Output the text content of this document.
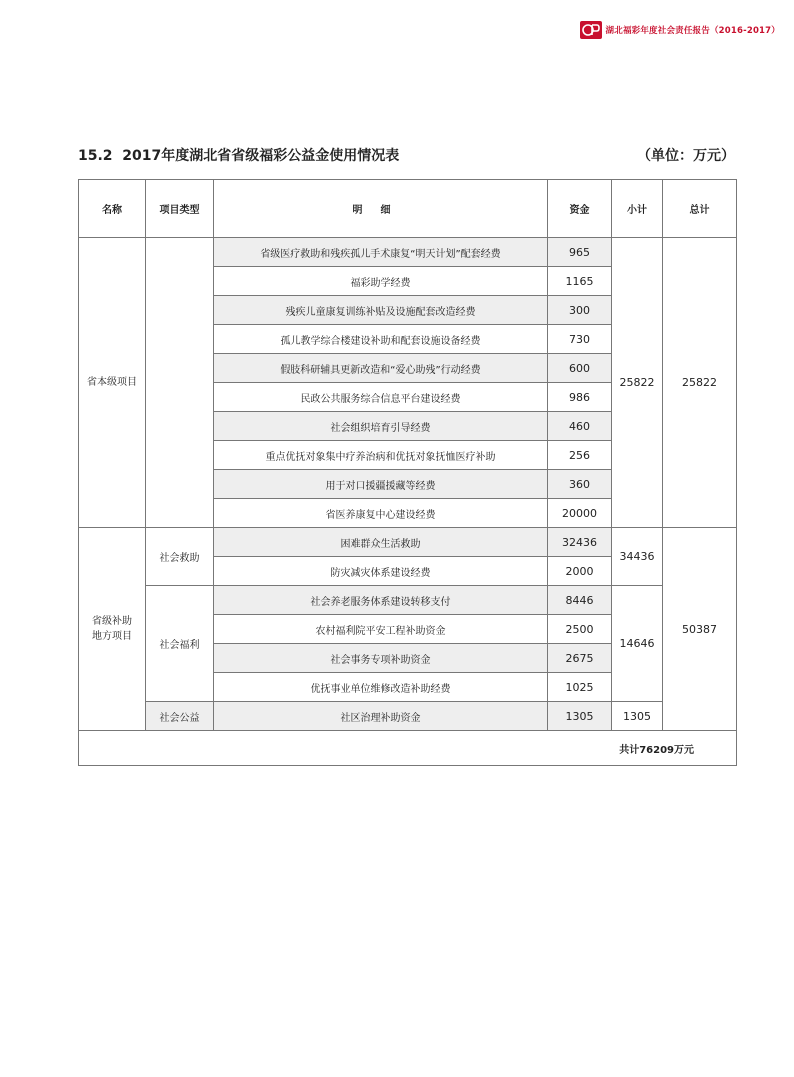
湖北福彩年度社会责任报告（2016-2017）
15.2 2017年度湖北省省级福彩公益金使用情况表	（单位：万元）
名称	项目类型	明细	资金	小计	总计
省本级项目		省级医疗救助和残疾孤儿手术康复“明天计划”配套经费	965	25822	25822
		福彩助学经费	1165		
		残疾儿童康复训练补贴及设施配套改造经费	300		
		孤儿教学综合楼建设补助和配套设施设备经费	730		
		假肢科研辅具更新改造和“爱心助残”行动经费	600		
		民政公共服务综合信息平台建设经费	986		
		社会组织培育引导经费	460		
		重点优抚对象集中疗养治病和优抚对象抚恤医疗补助	256		
		用于对口援疆援藏等经费	360		
		省医养康复中心建设经费	20000		
省级补助
地方项目	社会救助	困难群众生活救助	32436	34436	50387
		防灾减灾体系建设经费	2000		
	社会福利	社会养老服务体系建设转移支付	8446	14646	
		农村福利院平安工程补助资金	2500		
		社会事务专项补助资金	2675		
		优抚事业单位维修改造补助经费	1025		
	社会公益	社区治理补助资金	1305	1305	
共计76209万元					
